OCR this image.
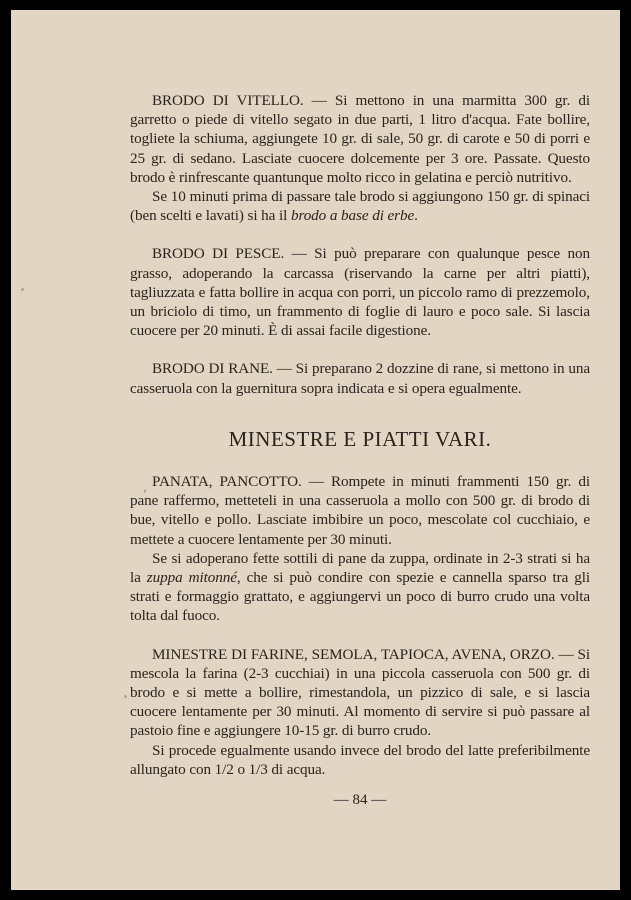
BRODO DI VITELLO. — Si mettono in una marmitta 300 gr. di garretto o piede di vitello segato in due parti, 1 litro d'acqua. Fate bollire, togliete la schiuma, aggiungete 10 gr. di sale, 50 gr. di carote e 50 di porri e 25 gr. di sedano. Lasciate cuocere dolcemente per 3 ore. Passate. Questo brodo è rinfrescante quantunque molto ricco in gelatina e perciò nutritivo.

Se 10 minuti prima di passare tale brodo si aggiungono 150 gr. di spinaci (ben scelti e lavati) si ha il brodo a base di erbe.

BRODO DI PESCE. — Si può preparare con qualunque pesce non grasso, adoperando la carcassa (riservando la carne per altri piatti), tagliuzzata e fatta bollire in acqua con porri, un piccolo ramo di prezzemolo, un briciolo di timo, un frammento di foglie di lauro e poco sale. Si lascia cuocere per 20 minuti. È di assai facile digestione.

BRODO DI RANE. — Si preparano 2 dozzine di rane, si mettono in una casseruola con la guernitura sopra indicata e si opera egualmente.

MINESTRE E PIATTI VARI.

PANATA, PANCOTTO. — Rompete in minuti frammenti 150 gr. di pane raffermo, metteteli in una casseruola a mollo con 500 gr. di brodo di bue, vitello e pollo. Lasciate imbibire un poco, mescolate col cucchiaio, e mettete a cuocere lentamente per 30 minuti.

Se si adoperano fette sottili di pane da zuppa, ordinate in 2-3 strati si ha la zuppa mitonné, che si può condire con spezie e cannella sparso tra gli strati e formaggio grattato, e aggiungervi un poco di burro crudo una volta tolta dal fuoco.

MINESTRE DI FARINE, SEMOLA, TAPIOCA, AVENA, ORZO. — Si mescola la farina (2-3 cucchiai) in una piccola casseruola con 500 gr. di brodo e si mette a bollire, rimestandola, un pizzico di sale, e si lascia cuocere lentamente per 30 minuti. Al momento di servire si può passare al pastoio fine e aggiungere 10-15 gr. di burro crudo.

Si procede egualmente usando invece del brodo del latte preferibilmente allungato con 1/2 o 1/3 di acqua.

— 84 —
